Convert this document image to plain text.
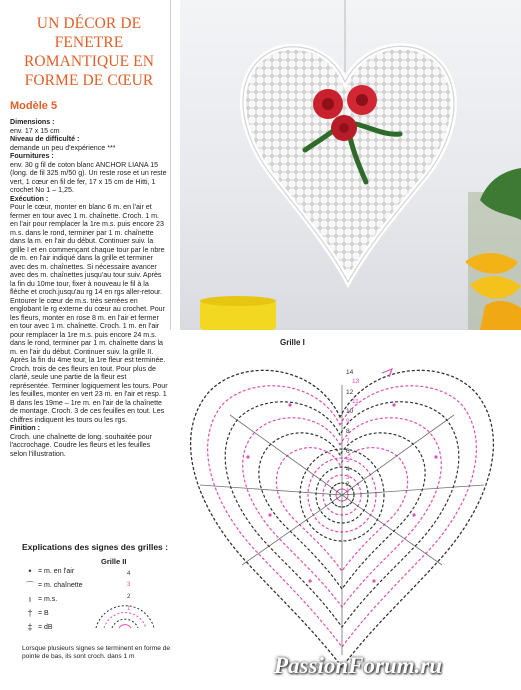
UN DÉCOR DE FENETRE ROMANTIQUE EN FORME DE CŒUR
Modèle 5

Dimensions :

env. 17 x 15 cm

Niveau de difficulté :

demande un peu d'expérience ***

Fournitures :

env. 30 g fil de coton blanc ANCHOR LIANA 15 (long. de fil 325 m/50 g). Un reste rose et un reste vert, 1 cœur en fil de fer, 17 x 15 cm de Hitti, 1 crochet No 1 – 1,25.

Exécution :

Pour le cœur, monter en blanc 6 m. en l'air et fermer en tour avec 1 m. chaînette. Croch. 1 m. en l'air pour remplacer la 1re m.s. puis encore 23 m.s. dans le rond, terminer par 1 m. chaînette dans la m. en l'air du début. Continuer suiv. la grille I et en commençant chaque tour par le nbre de m. en l'air indiqué dans la grille et terminer avec des m. chaînettes. Si nécessaire avancer avec des m. chaînettes jusqu'au tour suiv. Après la fin du 10me tour, fixer à nouveau le fil à la flèche et croch.jusqu'au rg 14 en rgs aller-retour. Entourer le cœur de m.s. très serrées en englobant le rg externe du cœur au crochet. Pour les fleurs, monter en rose 8 m. en l'air et fermer en tour avec 1 m. chaînette. Croch. 1 m. en l'air pour remplacer la 1re m.s. puis encore 24 m.s. dans le rond, terminer par 1 m. chaînette dans la m. en l'air du début. Continuer suiv. la grille II. Après la fin du 4me tour, la 1re fleur est terminée. Croch. trois de ces fleurs en tout. Pour plus de clarté, seule une partie de la fleur est représentée. Terminer logiquement les tours. Pour les feuilles, monter en vert 23 m. en l'air et resp. 1 B dans les 19me – 1re m. en l'air de la chaînette de montage. Croch. 3 de ces feuilles en tout. Les chiffres indiquent les tours ou les rgs.

Finition :

Croch. une chaînette de long. souhaitée pour l'accrochage. Coudre les fleurs et les feuilles selon l'illustration.

Grille I
14
13
12
11
10
9
8
7
6
5
4
3
2
1
Explications des signes des grilles :
• = m. en l'air
⌒ = m. chaînette
ı = m.s.
† = B
‡ = dB
Grille II
4
3
2
1
Lorsque plusieurs signes se terminent en forme de pointe de bas, ils sont croch. dans 1 m	PassionForum.ru
